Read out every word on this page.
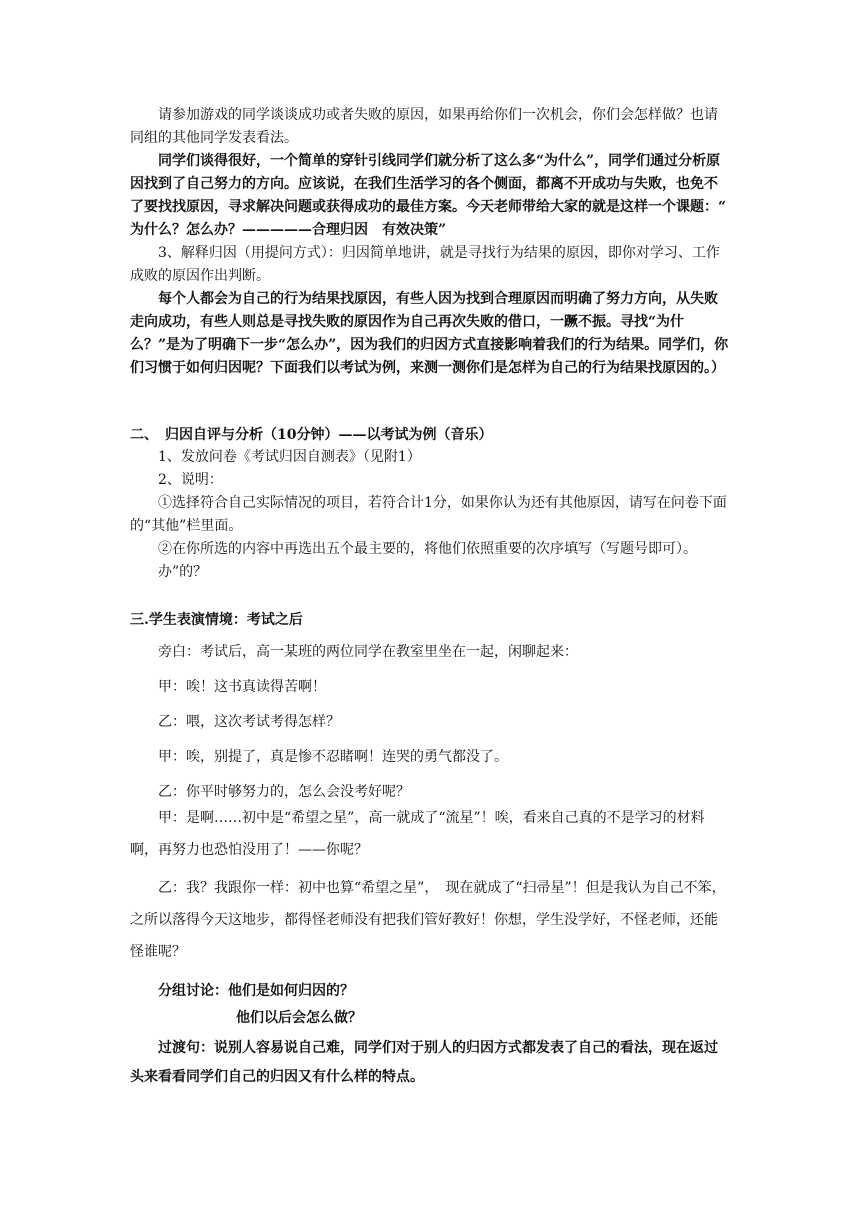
请参加游戏的同学谈谈成功或者失败的原因，如果再给你们一次机会，你们会怎样做？也请同组的其他同学发表看法。

同学们谈得很好，一个简单的穿针引线同学们就分析了这么多“为什么”，同学们通过分析原因找到了自己努力的方向。应该说，在我们生活学习的各个侧面，都离不开成功与失败，也免不了要找找原因，寻求解决问题或获得成功的最佳方案。今天老师带给大家的就是这样一个课题：“ 为什么？怎么办？—————合理归因　有效决策”

3、解释归因（用提问方式）：归因简单地讲，就是寻找行为结果的原因，即你对学习、工作成败的原因作出判断。

每个人都会为自己的行为结果找原因，有些人因为找到合理原因而明确了努力方向，从失败走向成功，有些人则总是寻找失败的原因作为自己再次失败的借口，一蹶不振。寻找“为什么？”是为了明确下一步“怎么办”，因为我们的归因方式直接影响着我们的行为结果。同学们，你们习惯于如何归因呢？下面我们以考试为例，来测一测你们是怎样为自己的行为结果找原因的。）

二、　归因自评与分析（10分钟）——以考试为例（音乐）
1、发放问卷《考试归因自测表》（见附1）
2、说明：

①选择符合自己实际情况的项目，若符合计1分，如果你认为还有其他原因，请写在问卷下面的“其他”栏里面。

②在你所选的内容中再选出五个最主要的，将他们依照重要的次序填写（写题号即可）。
办”的？
三.学生表演情境：考试之后
旁白：考试后，高一某班的两位同学在教室里坐在一起，闲聊起来：
甲：唉！这书真读得苦啊！
乙：喂，这次考试考得怎样？
甲：唉，别提了，真是惨不忍睹啊！连哭的勇气都没了。
乙：你平时够努力的，怎么会没考好呢？

甲：是啊……初中是“希望之星”，高一就成了“流星”！唉，看来自己真的不是学习的材料啊，再努力也恐怕没用了！——你呢？

乙：我？我跟你一样：初中也算“希望之星”，　现在就成了“扫帚星”！但是我认为自己不笨，之所以落得今天这地步，都得怪老师没有把我们管好教好！你想，学生没学好，不怪老师，还能怪谁呢？

分组讨论：他们是如何归因的？
他们以后会怎么做？

过渡句：说别人容易说自己难，同学们对于别人的归因方式都发表了自己的看法，现在返过头来看看同学们自己的归因又有什么样的特点。
